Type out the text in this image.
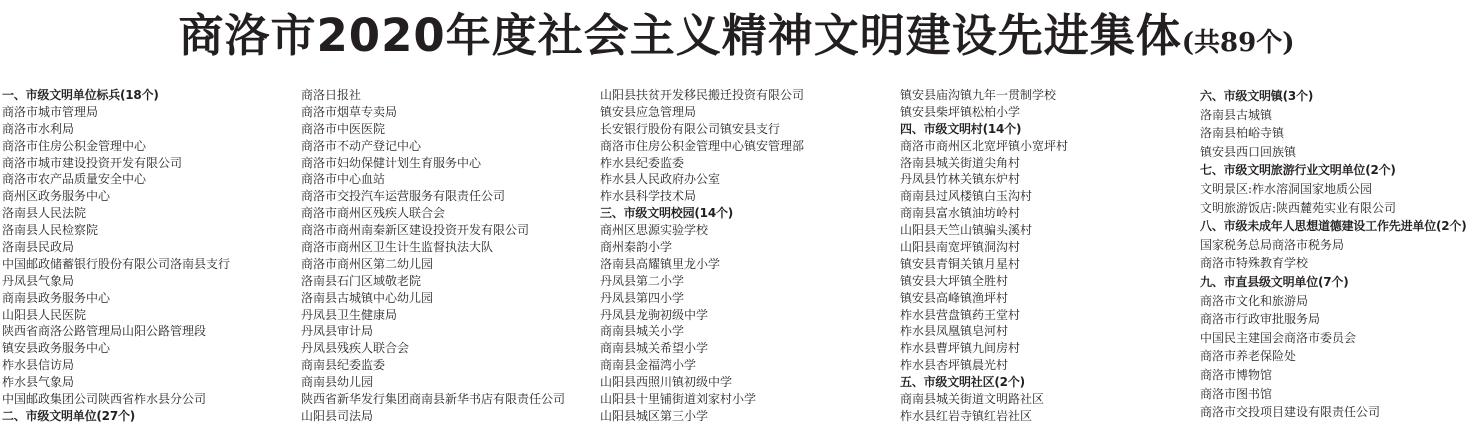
商洛市2020年度社会主义精神文明建设先进集体(共89个)
一、市级文明单位标兵(18个)
商洛市城市管理局
商洛市水利局
商洛市住房公积金管理中心
商洛市城市建设投资开发有限公司
商洛市农产品质量安全中心
商州区政务服务中心
洛南县人民法院
洛南县人民检察院
洛南县民政局
中国邮政储蓄银行股份有限公司洛南县支行
丹凤县气象局
商南县政务服务中心
山阳县人民医院
陕西省商洛公路管理局山阳公路管理段
镇安县政务服务中心
柞水县信访局
柞水县气象局
中国邮政集团公司陕西省柞水县分公司
二、市级文明单位(27个)
商洛日报社
商洛市烟草专卖局
商洛市中医医院
商洛市不动产登记中心
商洛市妇幼保健计划生育服务中心
商洛市中心血站
商洛市交投汽车运营服务有限责任公司
商洛市商州区残疾人联合会
商洛市商州南秦新区建设投资开发有限公司
商洛市商州区卫生计生监督执法大队
商洛市商州区第二幼儿园
洛南县石门区域敬老院
洛南县古城镇中心幼儿园
丹凤县卫生健康局
丹凤县审计局
丹凤县残疾人联合会
商南县纪委监委
商南县幼儿园
陕西省新华发行集团商南县新华书店有限责任公司
山阳县司法局
山阳县扶贫开发移民搬迁投资有限公司
镇安县应急管理局
长安银行股份有限公司镇安县支行
商洛市住房公积金管理中心镇安管理部
柞水县纪委监委
柞水县人民政府办公室
柞水县科学技术局
三、市级文明校园(14个)
商州区思源实验学校
商州秦韵小学
洛南县高耀镇里龙小学
丹凤县第二小学
丹凤县第四小学
丹凤县龙驹初级中学
商南县城关小学
商南县城关希望小学
商南县金福湾小学
山阳县西照川镇初级中学
山阳县十里铺街道刘家村小学
山阳县城区第三小学
镇安县庙沟镇九年一贯制学校
镇安县柴坪镇松柏小学
四、市级文明村(14个)
商洛市商州区北宽坪镇小宽坪村
洛南县城关街道尖角村
丹凤县竹林关镇东炉村
商南县过风楼镇白玉沟村
商南县富水镇油坊岭村
山阳县天竺山镇骗头溪村
山阳县南宽坪镇洞沟村
镇安县青铜关镇月星村
镇安县大坪镇全胜村
镇安县高峰镇渔坪村
柞水县营盘镇药王堂村
柞水县凤凰镇皂河村
柞水县曹坪镇九间房村
柞水县杏坪镇晨光村
五、市级文明社区(2个)
商南县城关街道文明路社区
柞水县红岩寺镇红岩社区
六、市级文明镇(3个)
洛南县古城镇
洛南县柏峪寺镇
镇安县西口回族镇
七、市级文明旅游行业文明单位(2个)
文明景区:柞水溶洞国家地质公园
文明旅游饭店:陕西麓苑实业有限公司
八、市级未成年人思想道德建设工作先进单位(2个)
国家税务总局商洛市税务局
商洛市特殊教育学校
九、市直县级文明单位(7个)
商洛市文化和旅游局
商洛市行政审批服务局
中国民主建国会商洛市委员会
商洛市养老保险处
商洛市博物馆
商洛市图书馆
商洛市交投项目建设有限责任公司
